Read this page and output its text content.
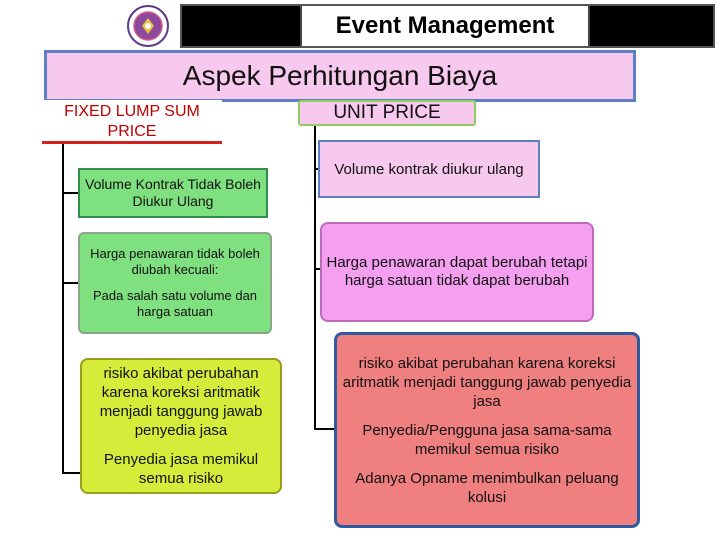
Event Management
Aspek Perhitungan Biaya
FIXED LUMP SUM PRICE
UNIT PRICE

Volume Kontrak Tidak Boleh Diukur Ulang

Harga penawaran tidak boleh diubah kecuali:

Pada salah satu volume dan harga satuan

risiko akibat perubahan karena koreksi aritmatik menjadi tanggung jawab penyedia jasa

Penyedia jasa memikul semua risiko

Volume kontrak diukur ulang

Harga penawaran dapat berubah tetapi harga satuan tidak dapat berubah

risiko akibat perubahan karena koreksi aritmatik menjadi tanggung jawab penyedia jasa

Penyedia/Pengguna jasa sama-sama memikul semua risiko

Adanya Opname menimbulkan peluang kolusi
